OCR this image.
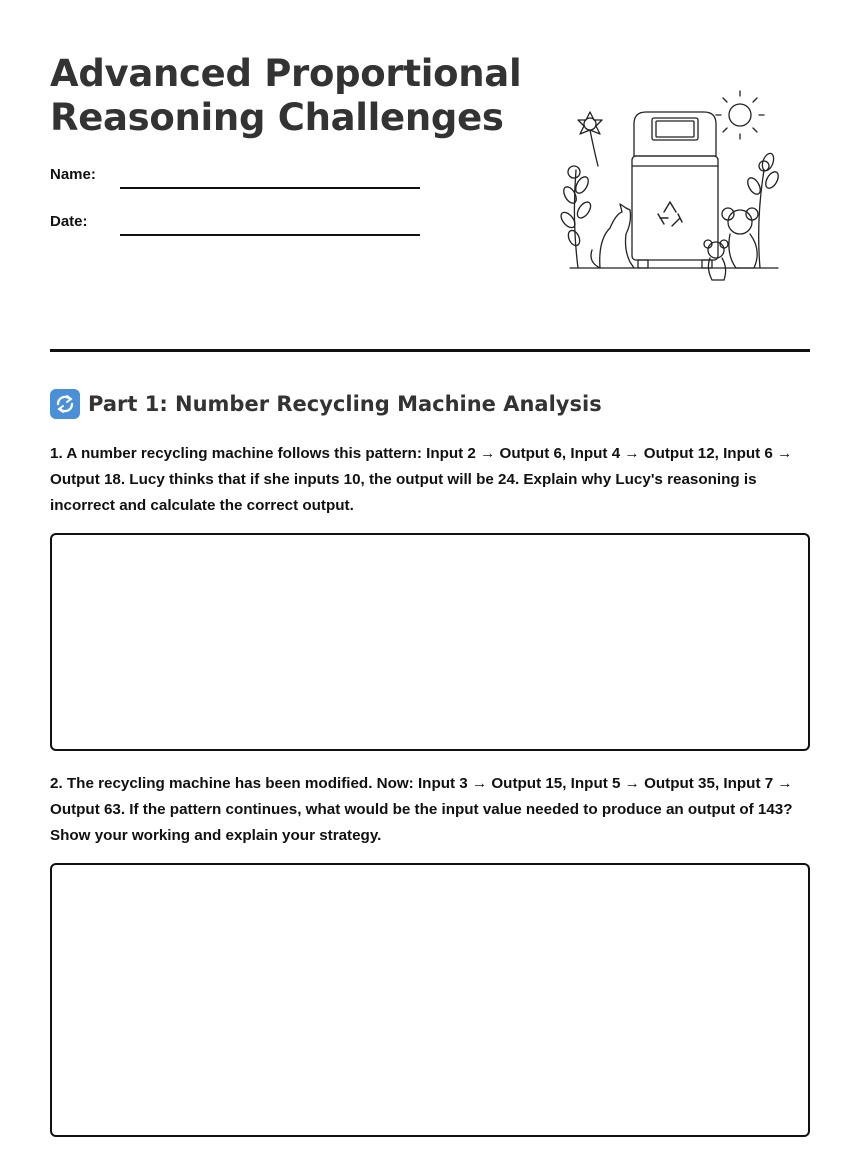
Advanced Proportional
Reasoning Challenges
Name:
Date:
Part 1: Number Recycling Machine Analysis

1. A number recycling machine follows this pattern: Input 2 → Output 6, Input 4 → Output 12, Input 6 → Output 18. Lucy thinks that if she inputs 10, the output will be 24. Explain why Lucy's reasoning is incorrect and calculate the correct output.

2. The recycling machine has been modified. Now: Input 3 → Output 15, Input 5 → Output 35, Input 7 → Output 63. If the pattern continues, what would be the input value needed to produce an output of 143? Show your working and explain your strategy.
